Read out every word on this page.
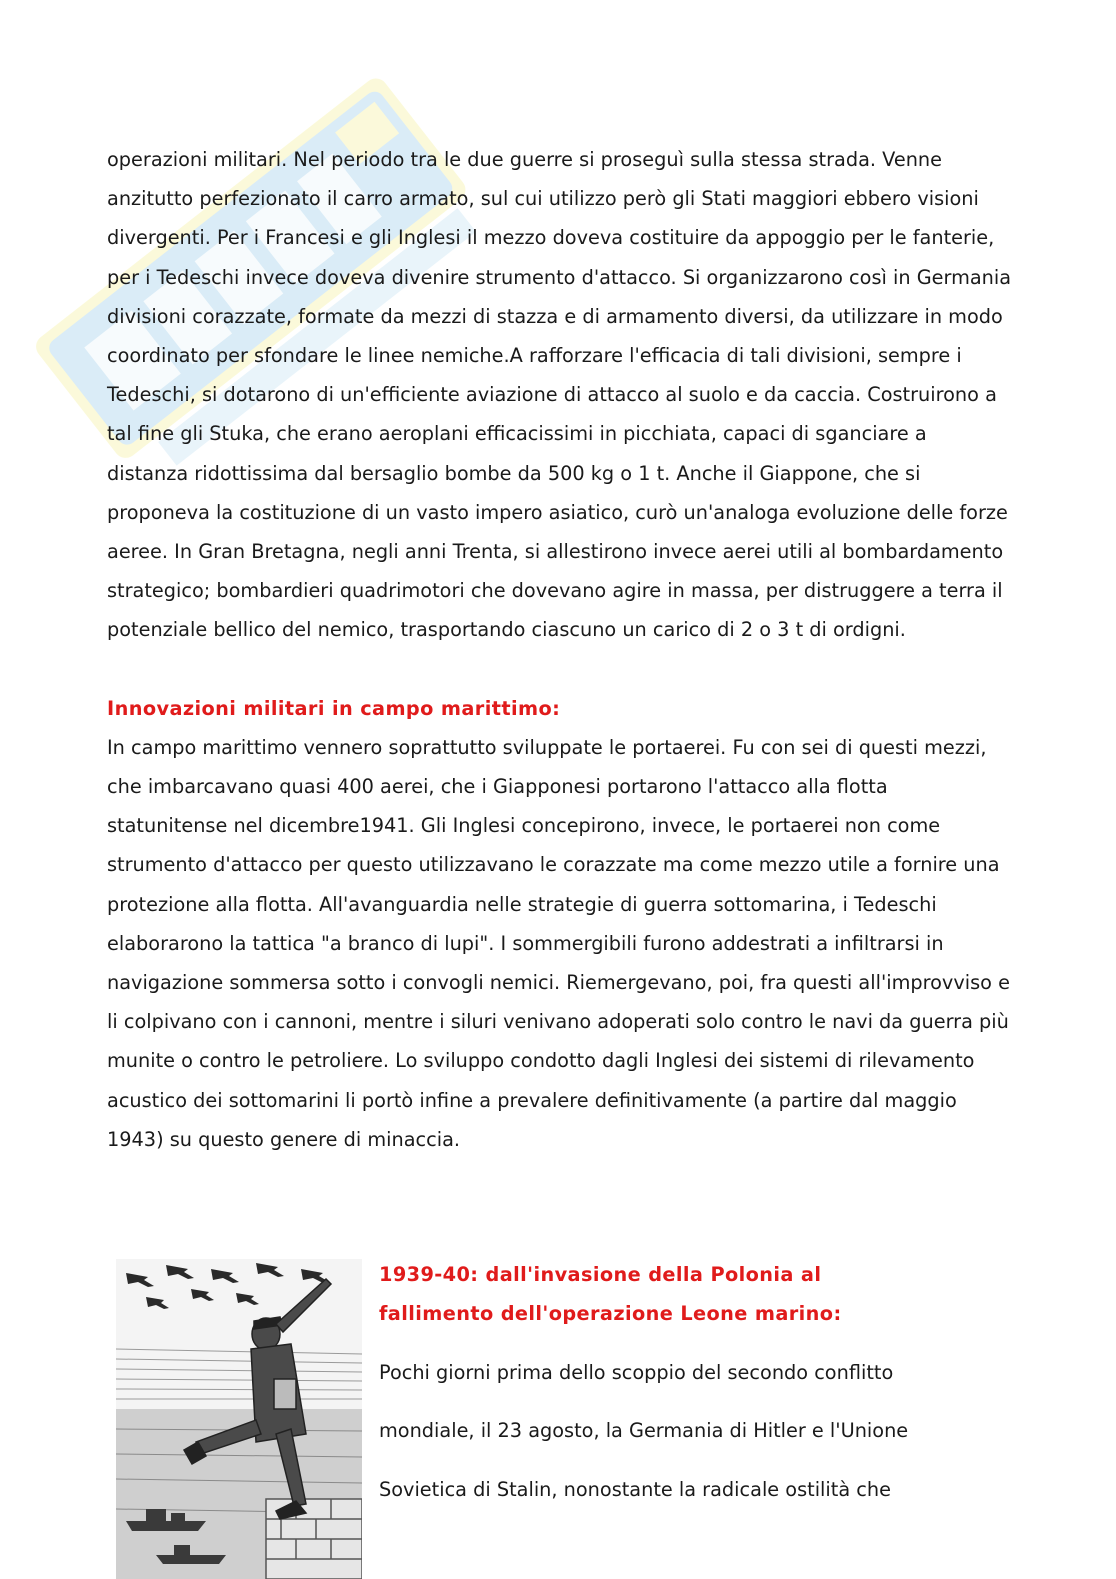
operazioni militari. Nel periodo tra le due guerre si proseguì sulla stessa strada. Venne anzitutto perfezionato il carro armato, sul cui utilizzo però gli Stati maggiori ebbero visioni divergenti. Per i Francesi e gli Inglesi il mezzo doveva costituire da appoggio per le fanterie, per i Tedeschi invece doveva divenire strumento d'attacco. Si organizzarono così in Germania divisioni corazzate, formate da mezzi di stazza e di armamento diversi, da utilizzare in modo coordinato per sfondare le linee nemiche.A rafforzare l'efficacia di tali divisioni, sempre i Tedeschi, si dotarono di un'efficiente aviazione di attacco al suolo e da caccia. Costruirono a tal fine gli Stuka, che erano aeroplani efficacissimi in picchiata, capaci di sganciare a distanza ridottissima dal bersaglio bombe da 500 kg o 1 t. Anche il Giappone, che si proponeva la costituzione di un vasto impero asiatico, curò un'analoga evoluzione delle forze aeree. In Gran Bretagna, negli anni Trenta, si allestirono invece aerei utili al bombardamento strategico; bombardieri quadrimotori che dovevano agire in massa, per distruggere a terra il potenziale bellico del nemico, trasportando ciascuno un carico di 2 o 3 t di ordigni.

Innovazioni militari in campo marittimo:

In campo marittimo vennero soprattutto sviluppate le portaerei. Fu con sei di questi mezzi, che imbarcavano quasi 400 aerei, che i Giapponesi portarono l'attacco alla flotta statunitense nel dicembre1941. Gli Inglesi concepirono, invece, le portaerei non come strumento d'attacco per questo utilizzavano le corazzate ma come mezzo utile a fornire una protezione alla flotta. All'avanguardia nelle strategie di guerra sottomarina, i Tedeschi elaborarono la tattica "a branco di lupi". I sommergibili furono addestrati a infiltrarsi in navigazione sommersa sotto i convogli nemici. Riemergevano, poi, fra questi all'improvviso e li colpivano con i cannoni, mentre i siluri venivano adoperati solo contro le navi da guerra più munite o contro le petroliere. Lo sviluppo condotto dagli Inglesi dei sistemi di rilevamento acustico dei sottomarini li portò infine a prevalere definitivamente (a partire dal maggio 1943) su questo genere di minaccia.

1939-40: dall'invasione della Polonia al

fallimento dell'operazione Leone marino:

Pochi giorni prima dello scoppio del secondo conflitto

mondiale, il 23 agosto, la Germania di Hitler e l'Unione

Sovietica di Stalin, nonostante la radicale ostilità che
